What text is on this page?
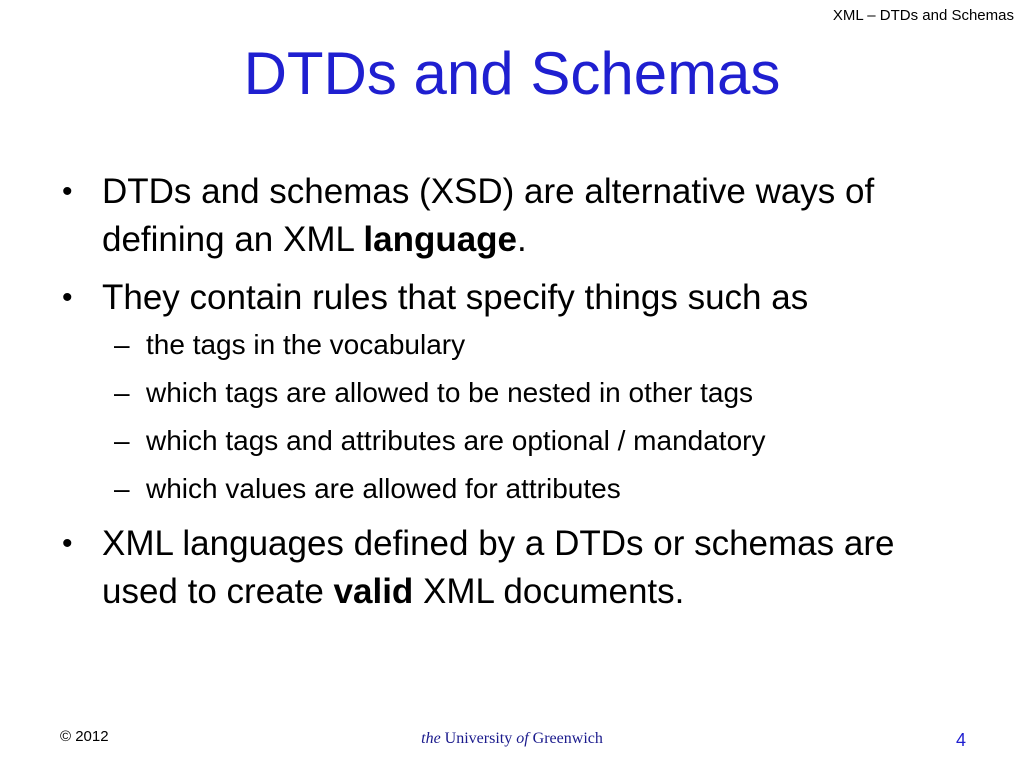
XML – DTDs and Schemas
DTDs and Schemas
• DTDs and schemas (XSD) are alternative ways of defining an XML language.
• They contain rules that specify things such as
– the tags in the vocabulary
– which tags are allowed to be nested in other tags
– which tags and attributes are optional / mandatory
– which values are allowed for attributes
• XML languages defined by a DTDs or schemas are used to create valid XML documents.
© 2012	the University of Greenwich	4
